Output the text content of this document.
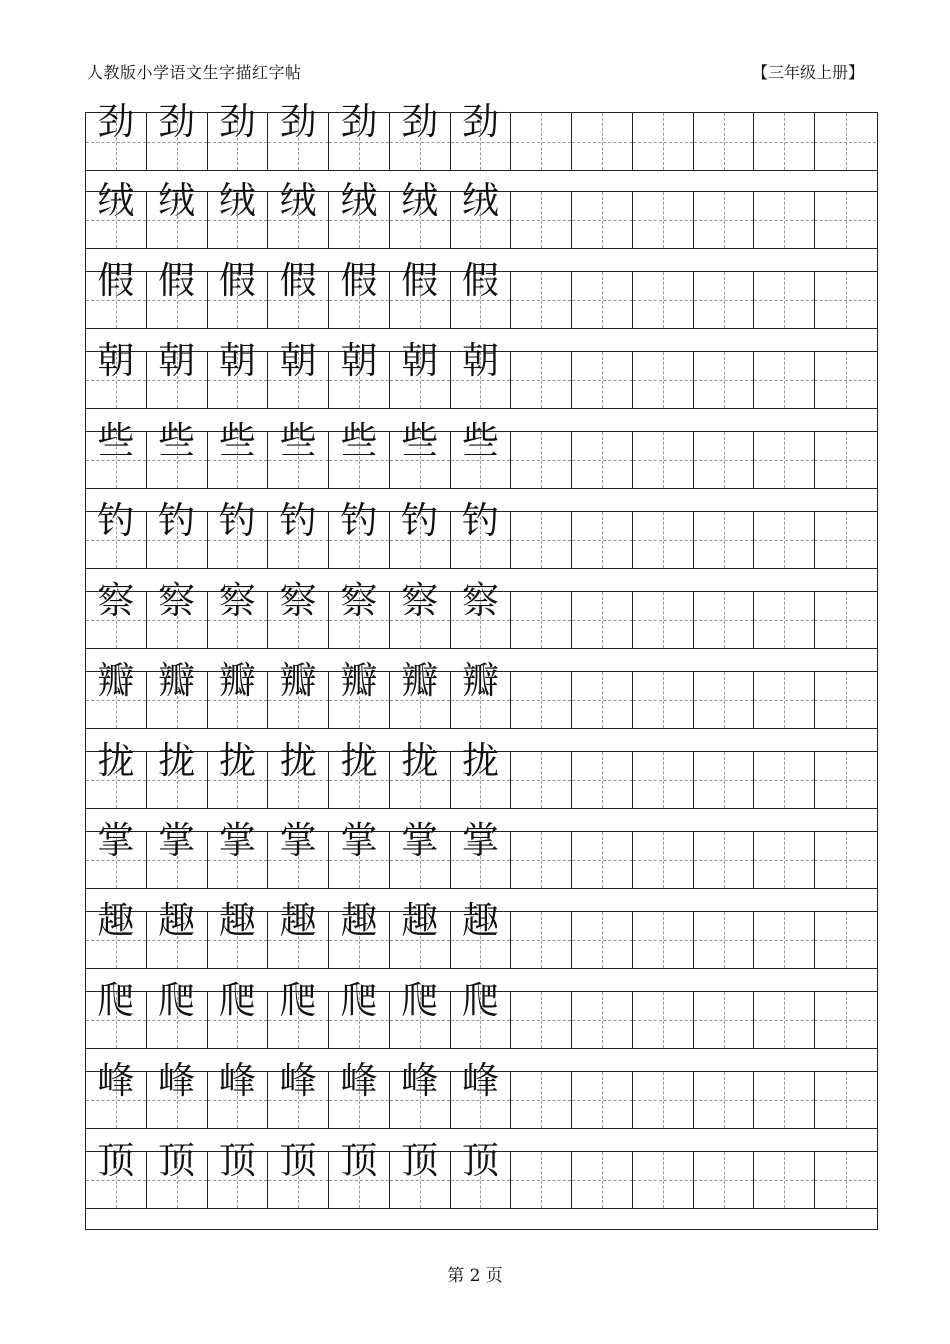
人教版小学语文生字描红字帖	【三年级上册】
劲 劲 劲 劲 劲 劲 劲
绒 绒 绒 绒 绒 绒 绒
假 假 假 假 假 假 假
朝 朝 朝 朝 朝 朝 朝
些 些 些 些 些 些 些
钓 钓 钓 钓 钓 钓 钓
察 察 察 察 察 察 察
瓣 瓣 瓣 瓣 瓣 瓣 瓣
拢 拢 拢 拢 拢 拢 拢
掌 掌 掌 掌 掌 掌 掌
趣 趣 趣 趣 趣 趣 趣
爬 爬 爬 爬 爬 爬 爬
峰 峰 峰 峰 峰 峰 峰
顶 顶 顶 顶 顶 顶 顶
第 2 页
